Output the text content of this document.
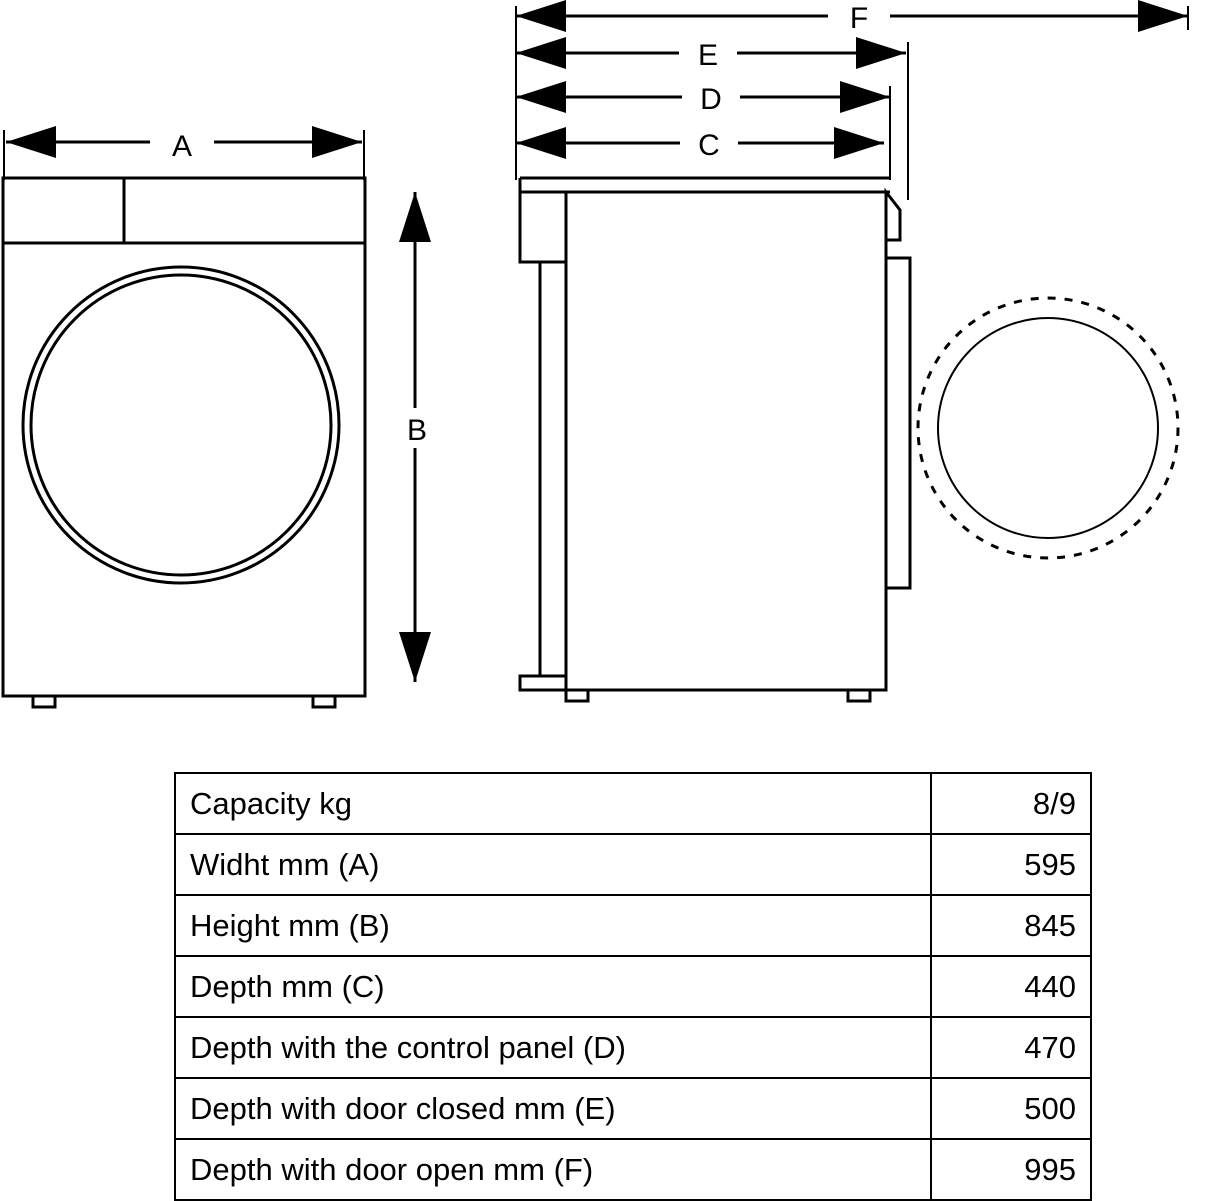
A
B
F
E
D
C
Capacity kg	8/9
Widht mm (A)	595
Height mm (B)	845
Depth mm (C)	440
Depth with the control panel (D)	470
Depth with door closed mm (E)	500
Depth with door open mm (F)	995
